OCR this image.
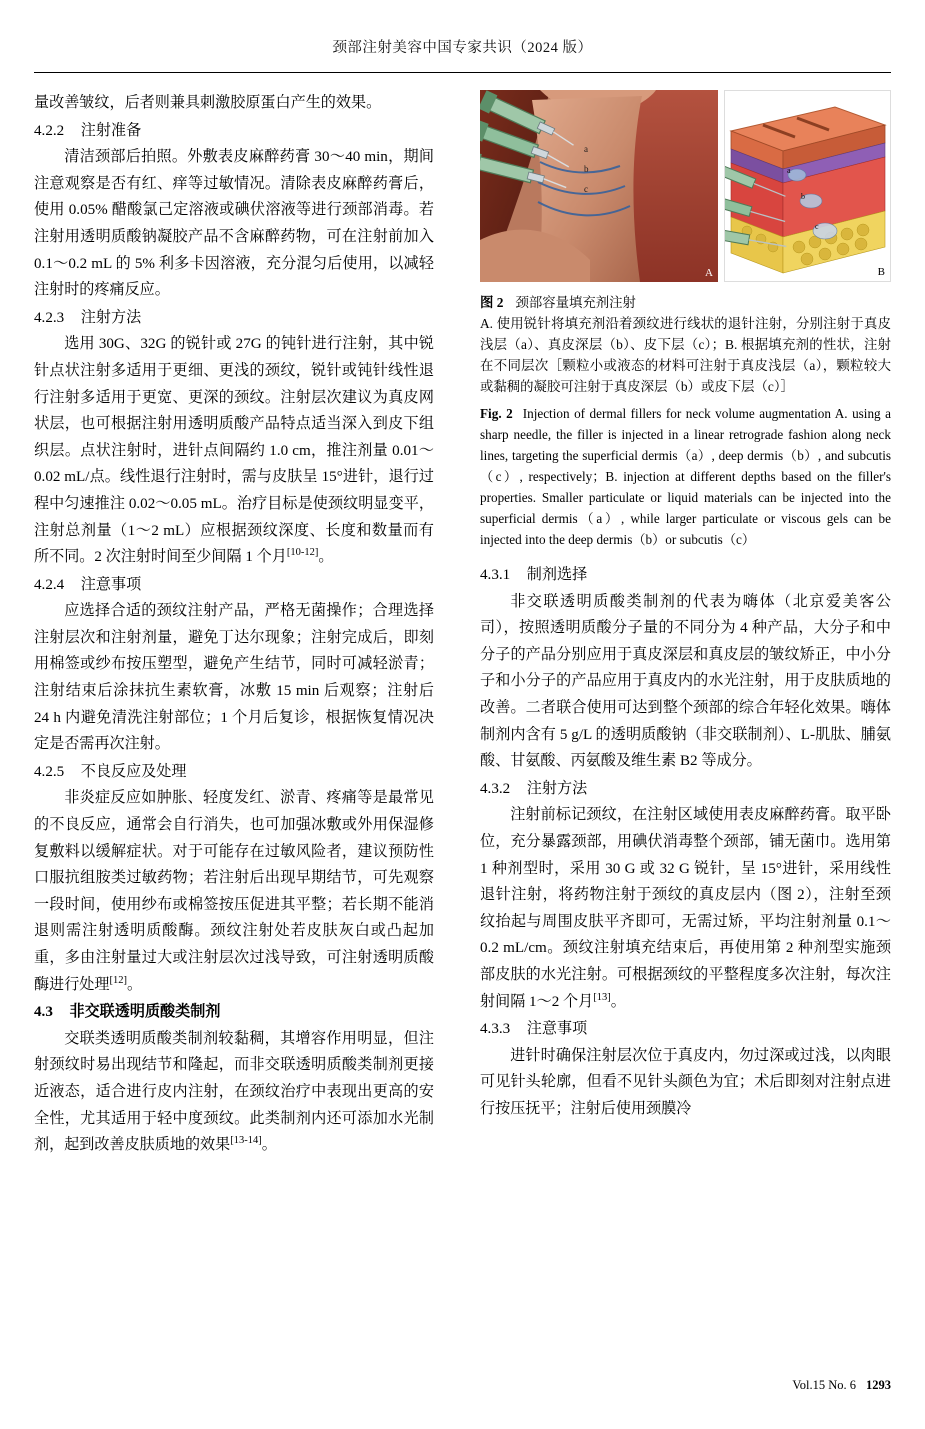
颈部注射美容中国专家共识（2024 版）

量改善皱纹，后者则兼具刺激胶原蛋白产生的效果。

4.2.2 注射准备

清洁颈部后拍照。外敷表皮麻醉药膏 30～40 min，期间注意观察是否有红、痒等过敏情况。清除表皮麻醉药膏后，使用 0.05% 醋酸氯己定溶液或碘伏溶液等进行颈部消毒。若注射用透明质酸钠凝胶产品不含麻醉药物，可在注射前加入 0.1～0.2 mL 的 5% 利多卡因溶液，充分混匀后使用，以减轻注射时的疼痛反应。

4.2.3 注射方法

选用 30G、32G 的锐针或 27G 的钝针进行注射，其中锐针点状注射多适用于更细、更浅的颈纹，锐针或钝针线性退行注射多适用于更宽、更深的颈纹。注射层次建议为真皮网状层，也可根据注射用透明质酸产品特点适当深入到皮下组织层。点状注射时，进针点间隔约 1.0 cm，推注剂量 0.01～0.02 mL/点。线性退行注射时，需与皮肤呈 15°进针，退行过程中匀速推注 0.02～0.05 mL。治疗目标是使颈纹明显变平，注射总剂量（1～2 mL）应根据颈纹深度、长度和数量而有所不同。2 次注射时间至少间隔 1 个月[10-12]。

4.2.4 注意事项

应选择合适的颈纹注射产品，严格无菌操作；合理选择注射层次和注射剂量，避免丁达尔现象；注射完成后，即刻用棉签或纱布按压塑型，避免产生结节，同时可减轻淤青；注射结束后涂抹抗生素软膏，冰敷 15 min 后观察；注射后 24 h 内避免清洗注射部位；1 个月后复诊，根据恢复情况决定是否需再次注射。

4.2.5 不良反应及处理

非炎症反应如肿胀、轻度发红、淤青、疼痛等是最常见的不良反应，通常会自行消失，也可加强冰敷或外用保湿修复敷料以缓解症状。对于可能存在过敏风险者，建议预防性口服抗组胺类过敏药物；若注射后出现早期结节，可先观察一段时间，使用纱布或棉签按压促进其平整；若长期不能消退则需注射透明质酸酶。颈纹注射处若皮肤灰白或凸起加重，多由注射量过大或注射层次过浅导致，可注射透明质酸酶进行处理[12]。

4.3 非交联透明质酸类制剂

交联类透明质酸类制剂较黏稠，其增容作用明显，但注射颈纹时易出现结节和隆起，而非交联透明质酸类制剂更接近液态，适合进行皮内注射，在颈纹治疗中表现出更高的安全性，尤其适用于轻中度颈纹。此类制剂内还可添加水光制剂，起到改善皮肤质地的效果[13-14]。

a
b
c
A
a
b
c
B

图 2 颈部容量填充剂注射
A. 使用锐针将填充剂沿着颈纹进行线状的退针注射，分别注射于真皮浅层（a）、真皮深层（b）、皮下层（c）；B. 根据填充剂的性状，注射在不同层次［颗粒小或液态的材料可注射于真皮浅层（a），颗粒较大或黏稠的凝胶可注射于真皮深层（b）或皮下层（c）］

Fig. 2 Injection of dermal fillers for neck volume augmentation A. using a sharp needle, the filler is injected in a linear retrograde fashion along neck lines, targeting the superficial dermis（a）, deep dermis（b）, and subcutis（c）, respectively；B. injection at different depths based on the filler's properties. Smaller particulate or liquid materials can be injected into the superficial dermis（a）, while larger particulate or viscous gels can be injected into the deep dermis（b）or subcutis（c）

4.3.1 制剂选择

非交联透明质酸类制剂的代表为嗨体（北京爱美客公司），按照透明质酸分子量的不同分为 4 种产品，大分子和中分子的产品分别应用于真皮深层和真皮层的皱纹矫正，中小分子和小分子的产品应用于真皮内的水光注射，用于皮肤质地的改善。二者联合使用可达到整个颈部的综合年轻化效果。嗨体制剂内含有 5 g/L 的透明质酸钠（非交联制剂）、L-肌肽、脯氨酸、甘氨酸、丙氨酸及维生素 B2 等成分。

4.3.2 注射方法

注射前标记颈纹，在注射区域使用表皮麻醉药膏。取平卧位，充分暴露颈部，用碘伏消毒整个颈部，铺无菌巾。选用第 1 种剂型时，采用 30 G 或 32 G 锐针，呈 15°进针，采用线性退针注射，将药物注射于颈纹的真皮层内（图 2），注射至颈纹抬起与周围皮肤平齐即可，无需过矫，平均注射剂量 0.1～0.2 mL/cm。颈纹注射填充结束后，再使用第 2 种剂型实施颈部皮肤的水光注射。可根据颈纹的平整程度多次注射，每次注射间隔 1～2 个月[13]。

4.3.3 注意事项

进针时确保注射层次位于真皮内，勿过深或过浅，以肉眼可见针头轮廓，但看不见针头颜色为宜；术后即刻对注射点进行按压抚平；注射后使用颈膜冷

Vol.15 No. 6 1293
